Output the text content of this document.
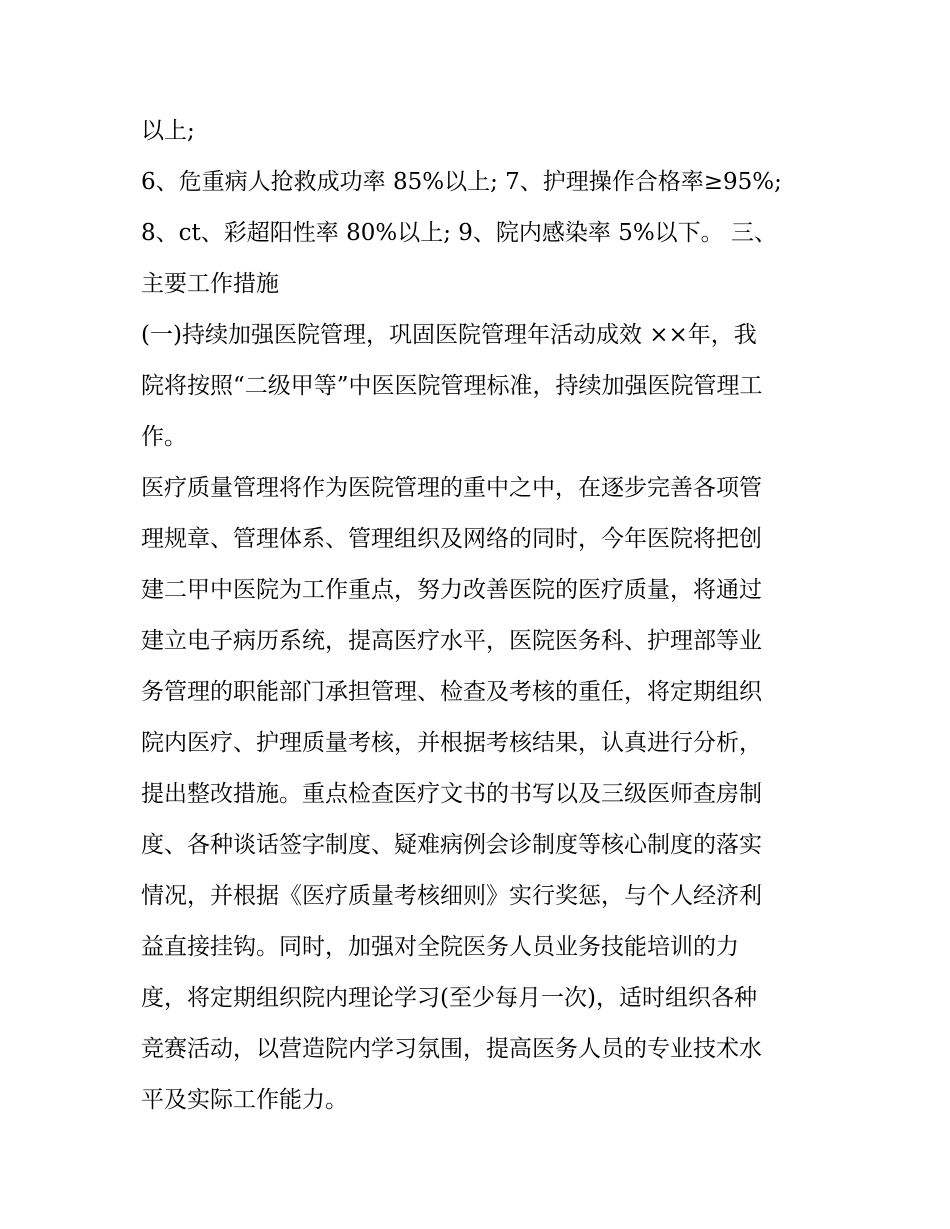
以上;
6、危重病人抢救成功率 85%以上; 7、护理操作合格率≥95%;
8、ct、彩超阳性率 80%以上; 9、院内感染率 5%以下。 三、
主要工作措施
(一)持续加强医院管理，巩固医院管理年活动成效 ××年，我
院将按照“二级甲等”中医医院管理标准，持续加强医院管理工
作。
医疗质量管理将作为医院管理的重中之中，在逐步完善各项管
理规章、管理体系、管理组织及网络的同时，今年医院将把创
建二甲中医院为工作重点，努力改善医院的医疗质量，将通过
建立电子病历系统，提高医疗水平，医院医务科、护理部等业
务管理的职能部门承担管理、检查及考核的重任，将定期组织
院内医疗、护理质量考核，并根据考核结果，认真进行分析，
提出整改措施。重点检查医疗文书的书写以及三级医师查房制
度、各种谈话签字制度、疑难病例会诊制度等核心制度的落实
情况，并根据《医疗质量考核细则》实行奖惩，与个人经济利
益直接挂钩。同时，加强对全院医务人员业务技能培训的力
度，将定期组织院内理论学习(至少每月一次)，适时组织各种
竞赛活动，以营造院内学习氛围，提高医务人员的专业技术水
平及实际工作能力。
